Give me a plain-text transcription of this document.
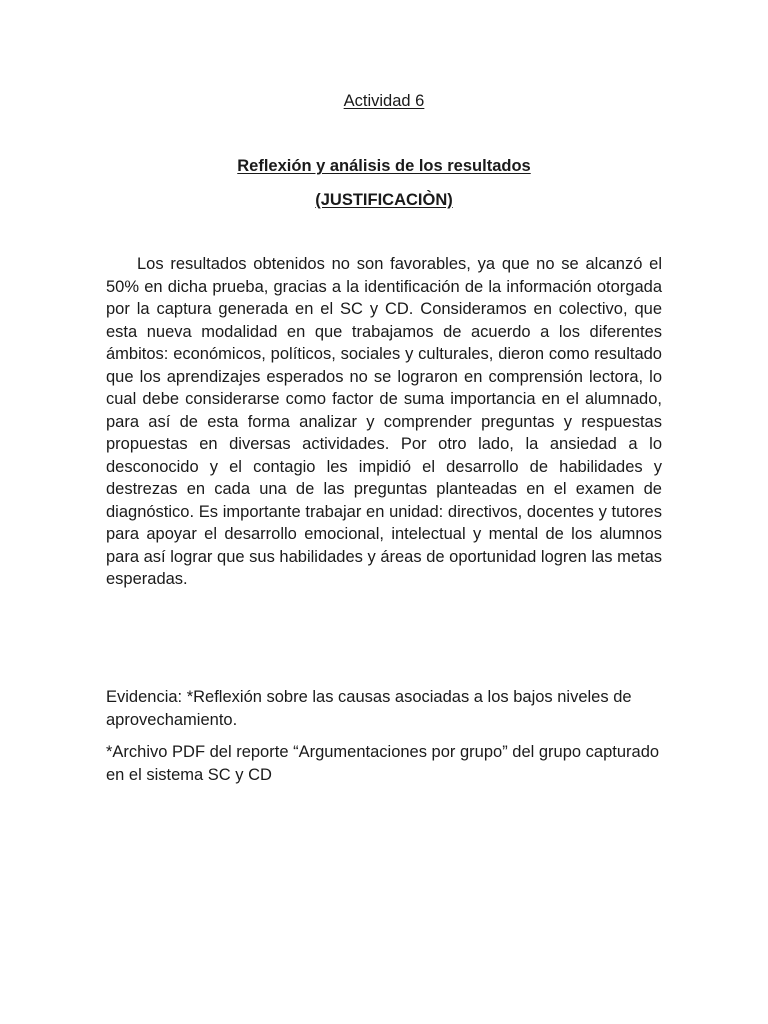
Actividad 6
Reflexión y análisis de los resultados
(JUSTIFICACIÒN)

Los resultados obtenidos no son favorables, ya que no se alcanzó el 50% en dicha prueba, gracias a la identificación de la información otorgada por la captura generada en el SC y CD. Consideramos en colectivo, que esta nueva modalidad en que trabajamos de acuerdo a los diferentes ámbitos: económicos, políticos, sociales y culturales, dieron como resultado que los aprendizajes esperados no se lograron en comprensión lectora, lo cual debe considerarse como factor de suma importancia en el alumnado, para así de esta forma analizar y comprender preguntas y respuestas propuestas en diversas actividades. Por otro lado, la ansiedad a lo desconocido y el contagio les impidió el desarrollo de habilidades y destrezas en cada una de las preguntas planteadas en el examen de diagnóstico. Es importante trabajar en unidad: directivos, docentes y tutores para apoyar el desarrollo emocional, intelectual y mental de los alumnos para así lograr que sus habilidades y áreas de oportunidad logren las metas esperadas.

Evidencia: *Reflexión sobre las causas asociadas a los bajos niveles de aprovechamiento.

*Archivo PDF del reporte “Argumentaciones por grupo” del grupo capturado en el sistema SC y CD
